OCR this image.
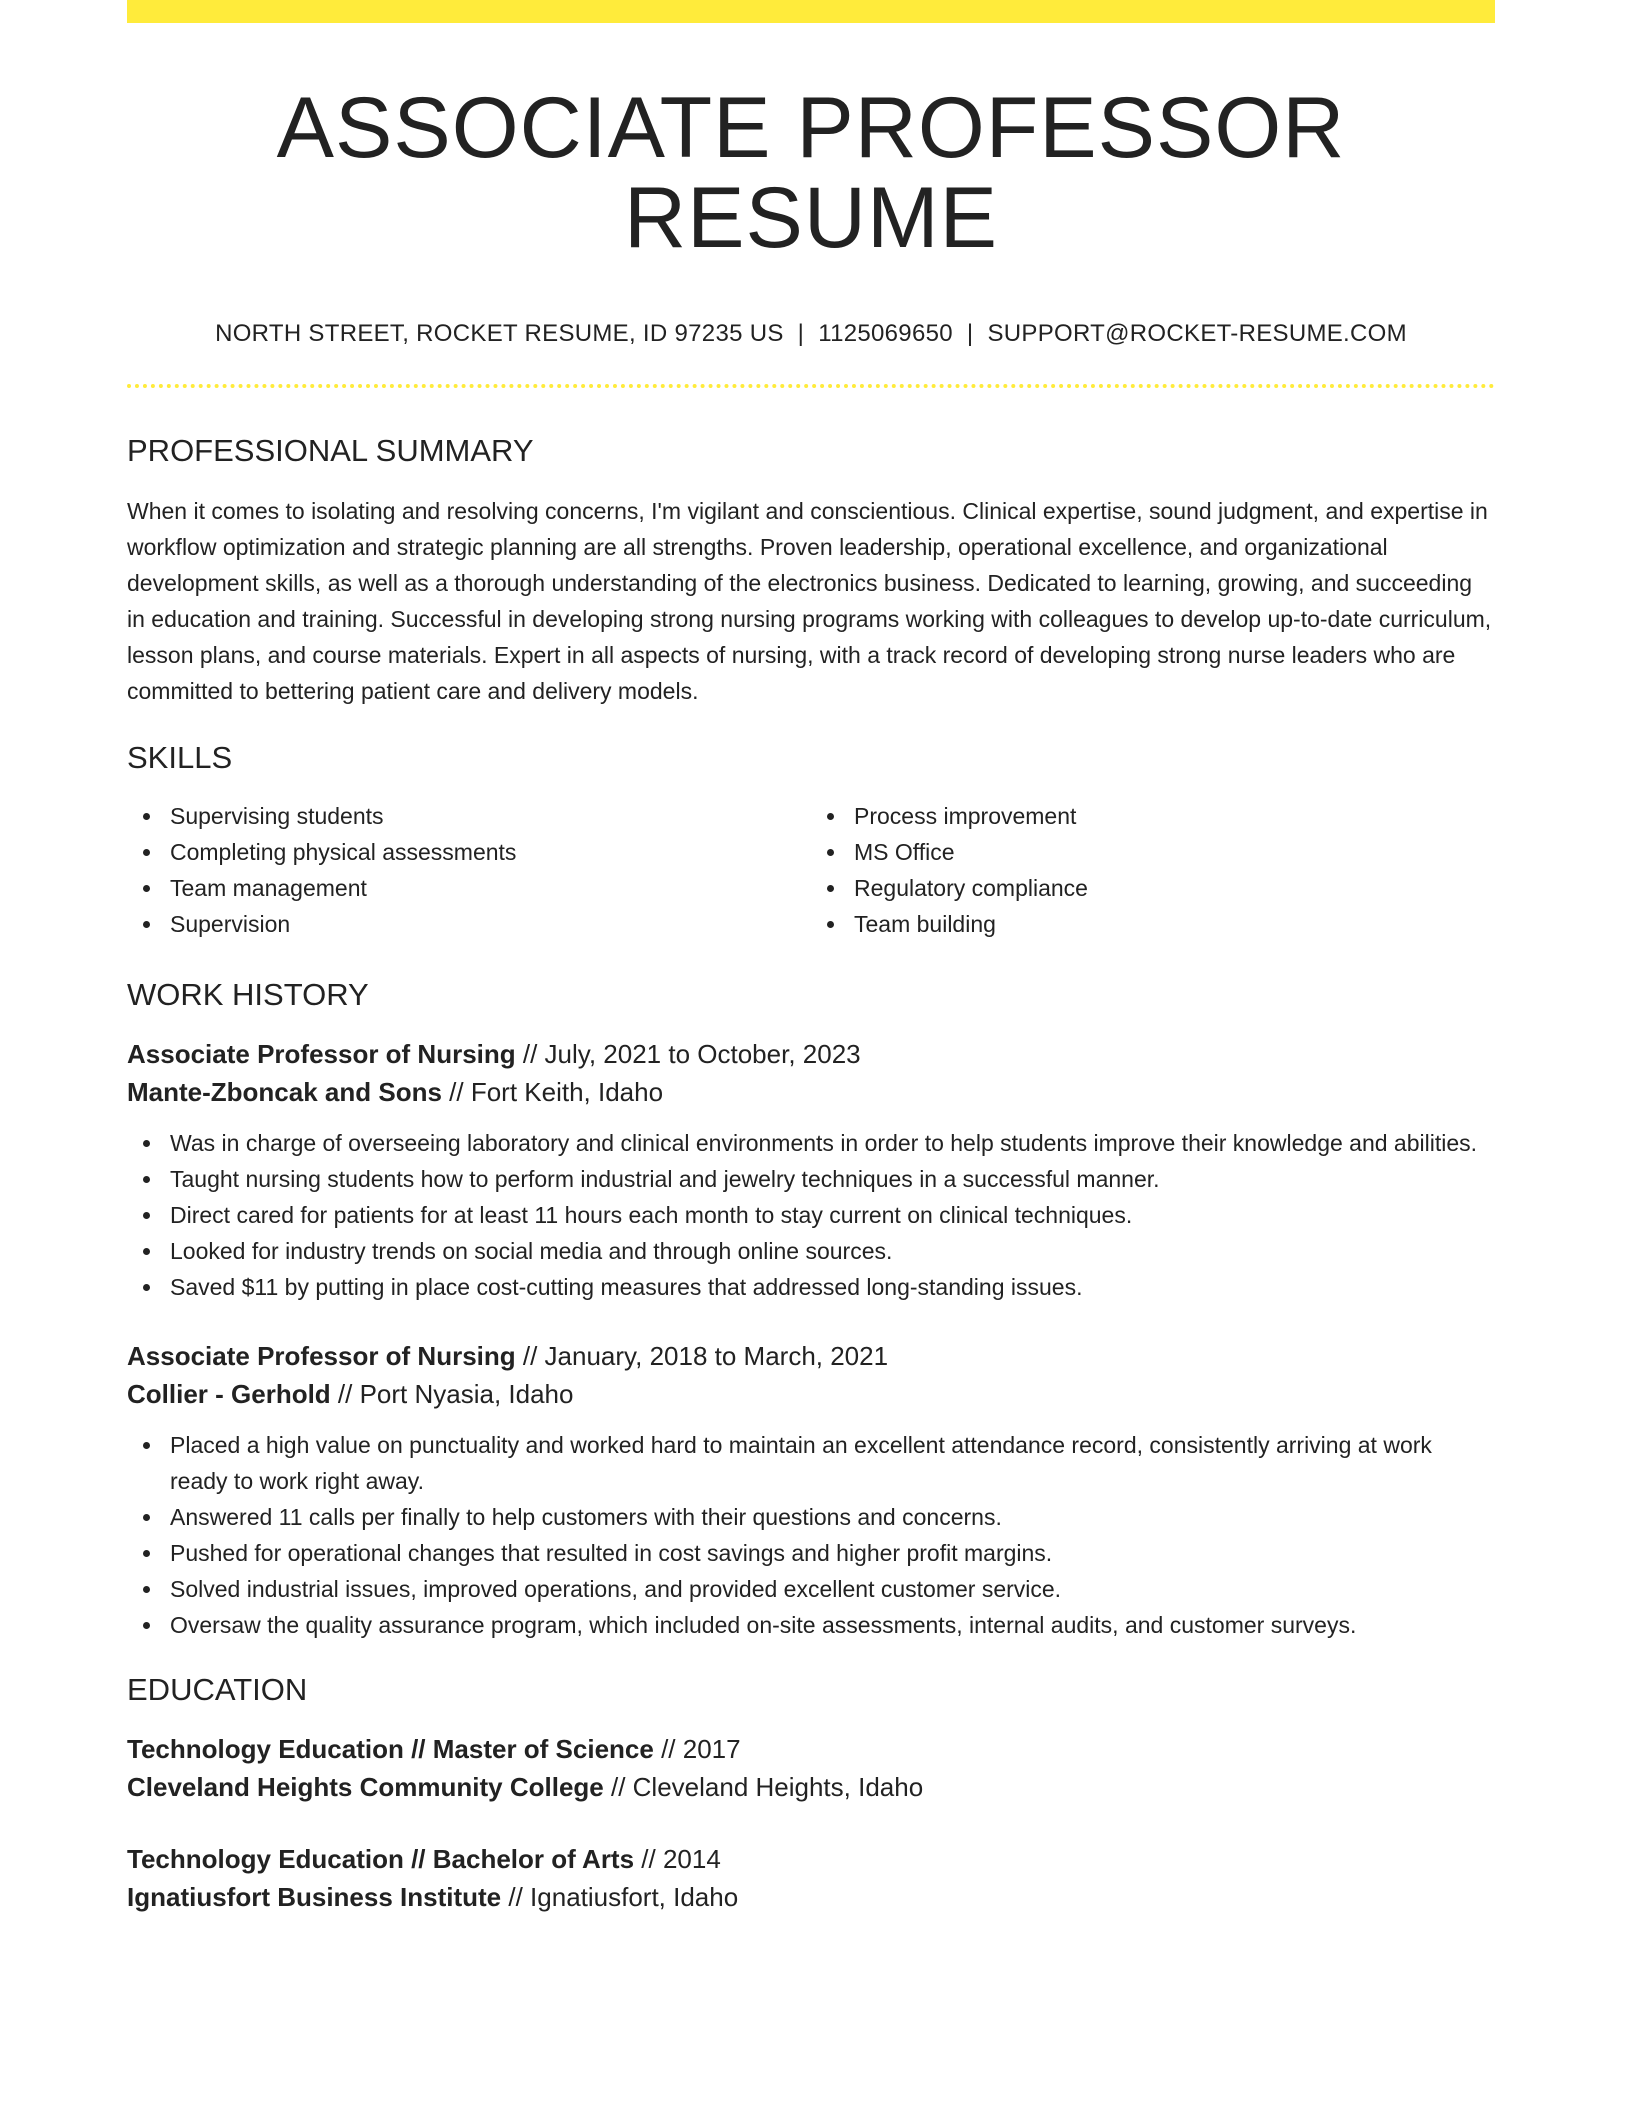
ASSOCIATE PROFESSOR RESUME
NORTH STREET, ROCKET RESUME, ID 97235 US | 1125069650 | SUPPORT@ROCKET-RESUME.COM
PROFESSIONAL SUMMARY

When it comes to isolating and resolving concerns, I'm vigilant and conscientious. Clinical expertise, sound judgment, and expertise in workflow optimization and strategic planning are all strengths. Proven leadership, operational excellence, and organizational development skills, as well as a thorough understanding of the electronics business. Dedicated to learning, growing, and succeeding in education and training. Successful in developing strong nursing programs working with colleagues to develop up-to-date curriculum, lesson plans, and course materials. Expert in all aspects of nursing, with a track record of developing strong nurse leaders who are committed to bettering patient care and delivery models.

SKILLS
Supervising students
Completing physical assessments
Team management
Supervision
Process improvement
MS Office
Regulatory compliance
Team building
WORK HISTORY
Associate Professor of Nursing // July, 2021 to October, 2023
Mante-Zboncak and Sons // Fort Keith, Idaho
Was in charge of overseeing laboratory and clinical environments in order to help students improve their knowledge and abilities.
Taught nursing students how to perform industrial and jewelry techniques in a successful manner.
Direct cared for patients for at least 11 hours each month to stay current on clinical techniques.
Looked for industry trends on social media and through online sources.
Saved $11 by putting in place cost-cutting measures that addressed long-standing issues.
Associate Professor of Nursing // January, 2018 to March, 2021
Collier - Gerhold // Port Nyasia, Idaho
Placed a high value on punctuality and worked hard to maintain an excellent attendance record, consistently arriving at work ready to work right away.
Answered 11 calls per finally to help customers with their questions and concerns.
Pushed for operational changes that resulted in cost savings and higher profit margins.
Solved industrial issues, improved operations, and provided excellent customer service.
Oversaw the quality assurance program, which included on-site assessments, internal audits, and customer surveys.
EDUCATION
Technology Education // Master of Science // 2017
Cleveland Heights Community College // Cleveland Heights, Idaho
Technology Education // Bachelor of Arts // 2014
Ignatiusfort Business Institute // Ignatiusfort, Idaho
